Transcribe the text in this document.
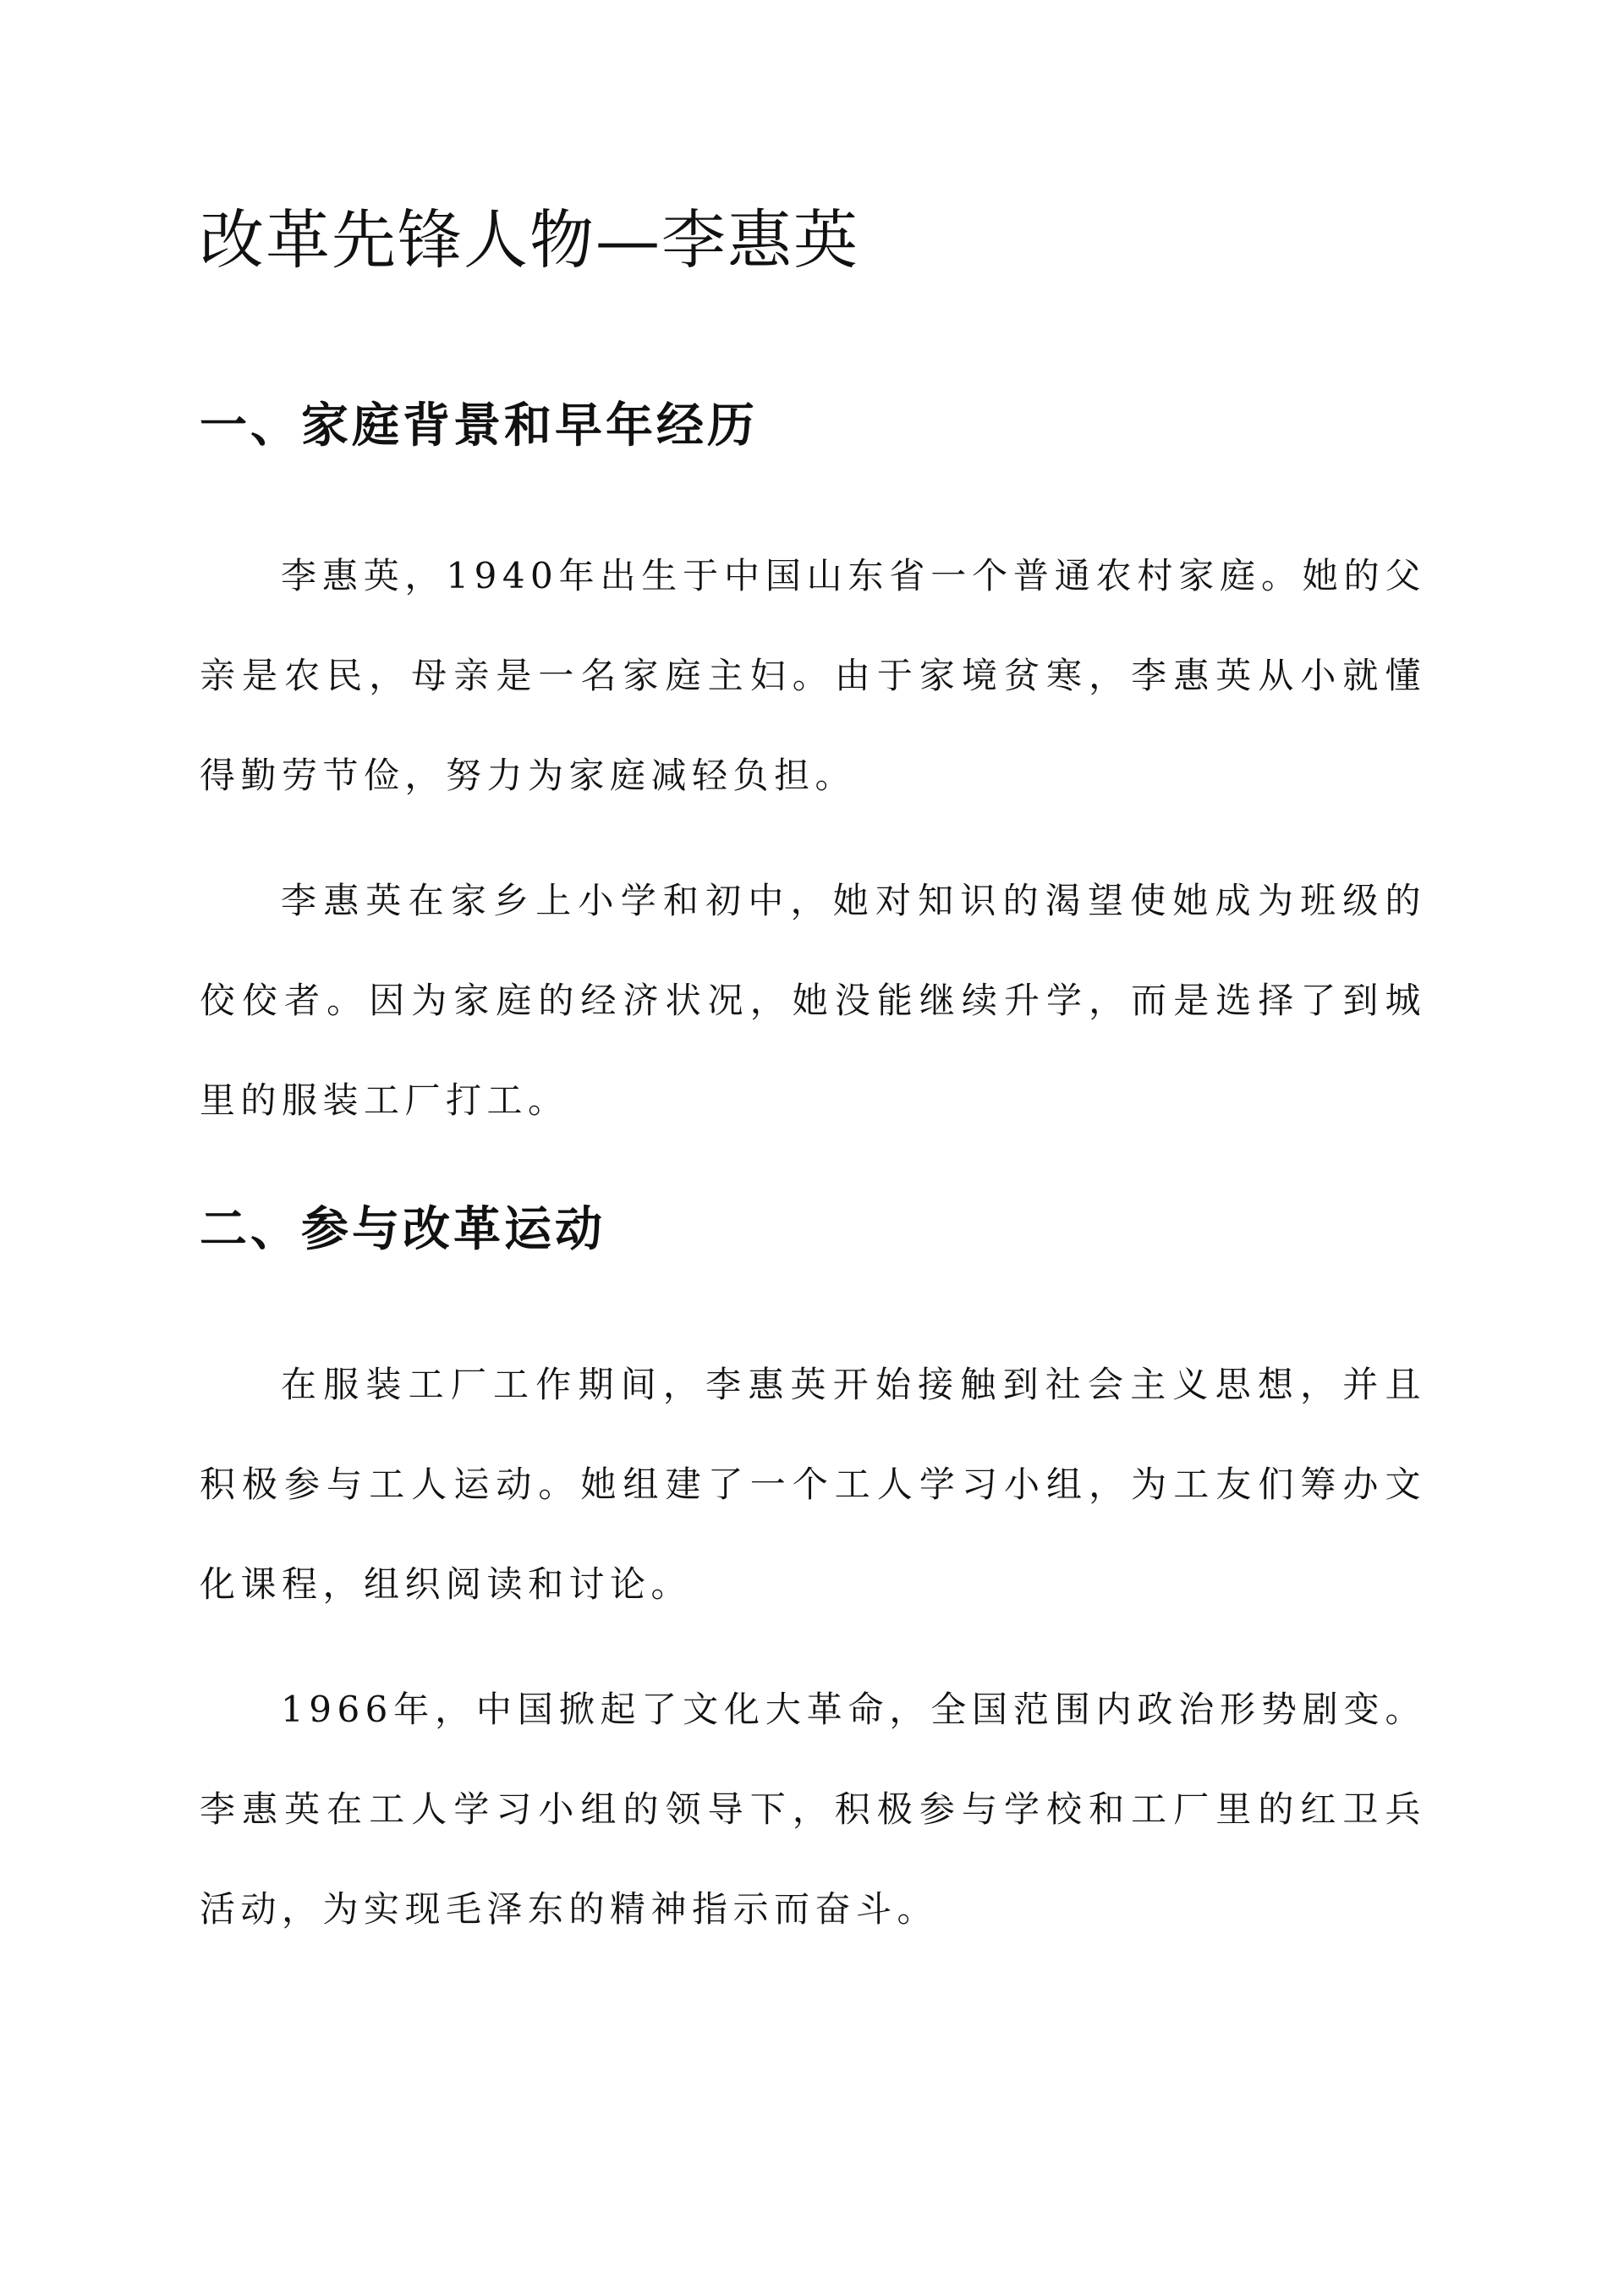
改革先锋人物—李惠英
一、家庭背景和早年经历

李惠英，1940年出生于中国山东省一个普通农村家庭。她的父亲是农民，母亲是一名家庭主妇。由于家境贫寒，李惠英从小就懂得勤劳节俭，努力为家庭减轻负担。

李惠英在家乡上小学和初中，她对知识的渴望使她成为班级的佼佼者。因为家庭的经济状况，她没能继续升学，而是选择了到城里的服装工厂打工。

二、参与改革运动

在服装工厂工作期间，李惠英开始接触到社会主义思想，并且积极参与工人运动。她组建了一个工人学习小组，为工友们筹办文化课程，组织阅读和讨论。

1966年，中国掀起了文化大革命，全国范围内政治形势剧变。李惠英在工人学习小组的领导下，积极参与学校和工厂里的红卫兵活动，为实现毛泽东的精神指示而奋斗。
